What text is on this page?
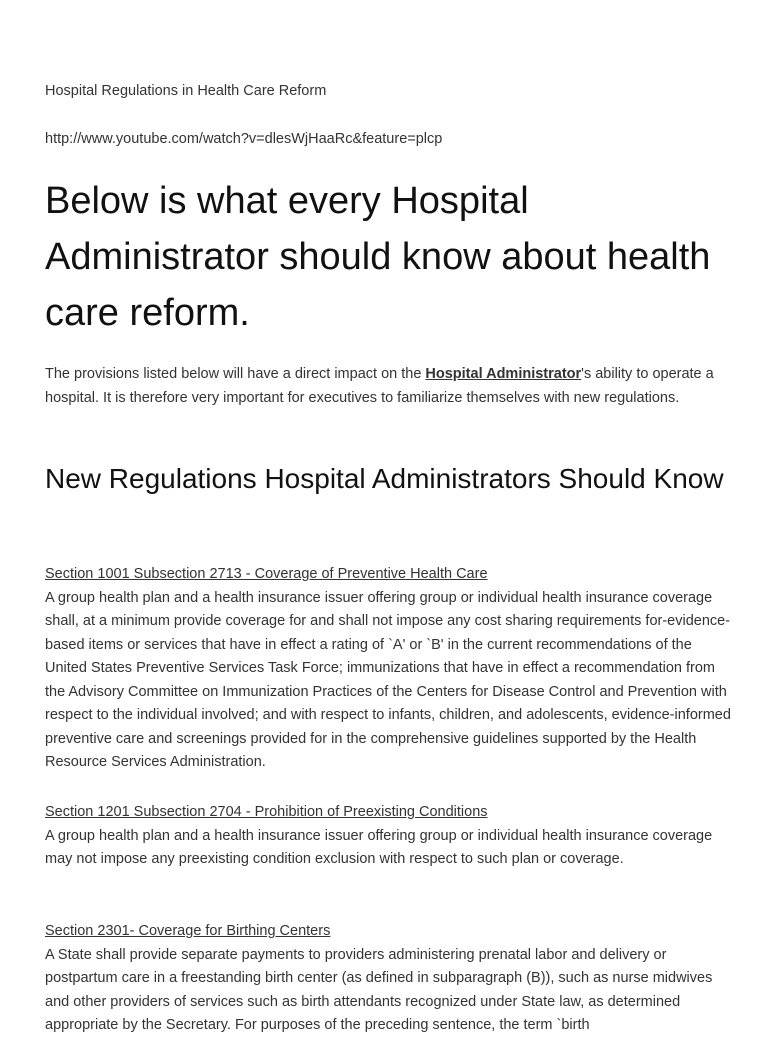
Hospital Regulations in Health Care Reform
http://www.youtube.com/watch?v=dlesWjHaaRc&feature=plcp
Below is what every Hospital Administrator should know about health care reform.

The provisions listed below will have a direct impact on the Hospital Administrator's ability to operate a hospital. It is therefore very important for executives to familiarize themselves with new regulations.

New Regulations Hospital Administrators Should Know
Section 1001 Subsection 2713 - Coverage of Preventive Health Care

A group health plan and a health insurance issuer offering group or individual health insurance coverage shall, at a minimum provide coverage for and shall not impose any cost sharing requirements for-evidence-based items or services that have in effect a rating of `A' or `B' in the current recommendations of the United States Preventive Services Task Force; immunizations that have in effect a recommendation from the Advisory Committee on Immunization Practices of the Centers for Disease Control and Prevention with respect to the individual involved; and with respect to infants, children, and adolescents, evidence-informed preventive care and screenings provided for in the comprehensive guidelines supported by the Health Resource Services Administration.

Section 1201 Subsection 2704 - Prohibition of Preexisting Conditions

A group health plan and a health insurance issuer offering group or individual health insurance coverage may not impose any preexisting condition exclusion with respect to such plan or coverage.

Section 2301- Coverage for Birthing Centers

A State shall provide separate payments to providers administering prenatal labor and delivery or postpartum care in a freestanding birth center (as defined in subparagraph (B)), such as nurse midwives and other providers of services such as birth attendants recognized under State law, as determined appropriate by the Secretary. For purposes of the preceding sentence, the term `birth
